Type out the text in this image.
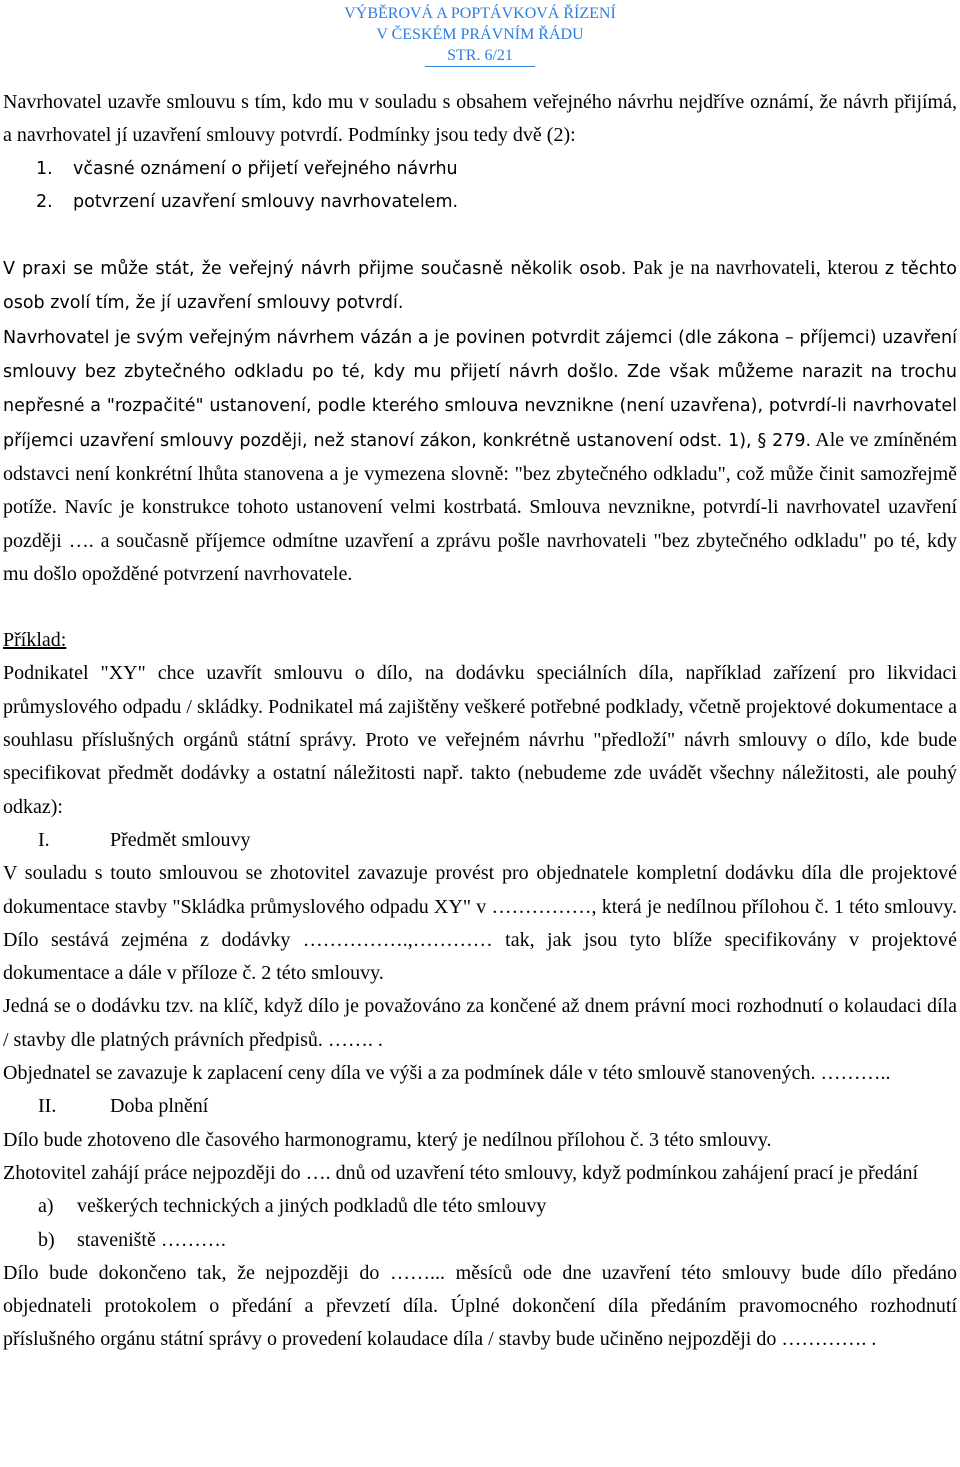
VÝBĚROVÁ A POPTÁVKOVÁ ŘÍZENÍ
V ČESKÉM PRÁVNÍM ŘÁDU
STR. 6/21

Navrhovatel uzavře smlouvu s tím, kdo mu v souladu s obsahem veřejného návrhu nejdříve oznámí, že návrh přijímá, a navrhovatel jí uzavření smlouvy potvrdí. Podmínky jsou tedy dvě (2):

1. včasné oznámení o přijetí veřejného návrhu
2. potvrzení uzavření smlouvy navrhovatelem.

V praxi se může stát, že veřejný návrh přijme současně několik osob. Pak je na navrhovateli, kterou z těchto osob zvolí tím, že jí uzavření smlouvy potvrdí.

Navrhovatel je svým veřejným návrhem vázán a je povinen potvrdit zájemci (dle zákona – příjemci) uzavření smlouvy bez zbytečného odkladu po té, kdy mu přijetí návrh došlo. Zde však můžeme narazit na trochu nepřesné a "rozpačité" ustanovení, podle kterého smlouva nevznikne (není uzavřena), potvrdí-li navrhovatel příjemci uzavření smlouvy později, než stanoví zákon, konkrétně ustanovení odst. 1), § 279. Ale ve zmíněném odstavci není konkrétní lhůta stanovena a je vymezena slovně: "bez zbytečného odkladu", což může činit samozřejmě potíže. Navíc je konstrukce tohoto ustanovení velmi kostrbatá. Smlouva nevznikne, potvrdí-li navrhovatel uzavření později …. a současně příjemce odmítne uzavření a zprávu pošle navrhovateli "bez zbytečného odkladu" po té, kdy mu došlo opožděné potvrzení navrhovatele.

Příklad:

Podnikatel "XY" chce uzavřít smlouvu o dílo, na dodávku speciálních díla, například zařízení pro likvidaci průmyslového odpadu / skládky. Podnikatel má zajištěny veškeré potřebné podklady, včetně projektové dokumentace a souhlasu příslušných orgánů státní správy. Proto ve veřejném návrhu "předloží" návrh smlouvy o dílo, kde bude specifikovat předmět dodávky a ostatní náležitosti např. takto (nebudeme zde uvádět všechny náležitosti, ale pouhý odkaz):

I.	Předmět smlouvy

V souladu s touto smlouvou se zhotovitel zavazuje provést pro objednatele kompletní dodávku díla dle projektové dokumentace stavby "Skládka průmyslového odpadu XY" v ……………, která je nedílnou přílohou č. 1 této smlouvy. Dílo sestává zejména z dodávky …………….,………… tak, jak jsou tyto blíže specifikovány v projektové dokumentace a dále v příloze č. 2 této smlouvy.

Jedná se o dodávku tzv. na klíč, když dílo je považováno za končené až dnem právní moci rozhodnutí o kolaudaci díla / stavby dle platných právních předpisů. ……. .

Objednatel se zavazuje k zaplacení ceny díla ve výši a za podmínek dále v této smlouvě stanovených. ………..

II.	Doba plnění

Dílo bude zhotoveno dle časového harmonogramu, který je nedílnou přílohou č. 3 této smlouvy.

Zhotovitel zahájí práce nejpozději do …. dnů od uzavření této smlouvy, když podmínkou zahájení prací je předání

a) veškerých technických a jiných podkladů dle této smlouvy
b) staveniště ……….

Dílo bude dokončeno tak, že nejpozději do ……... měsíců ode dne uzavření této smlouvy bude dílo předáno objednateli protokolem o předání a převzetí díla. Úplné dokončení díla předáním pravomocného rozhodnutí příslušného orgánu státní správy o provedení kolaudace díla / stavby bude učiněno nejpozději do …………. .
